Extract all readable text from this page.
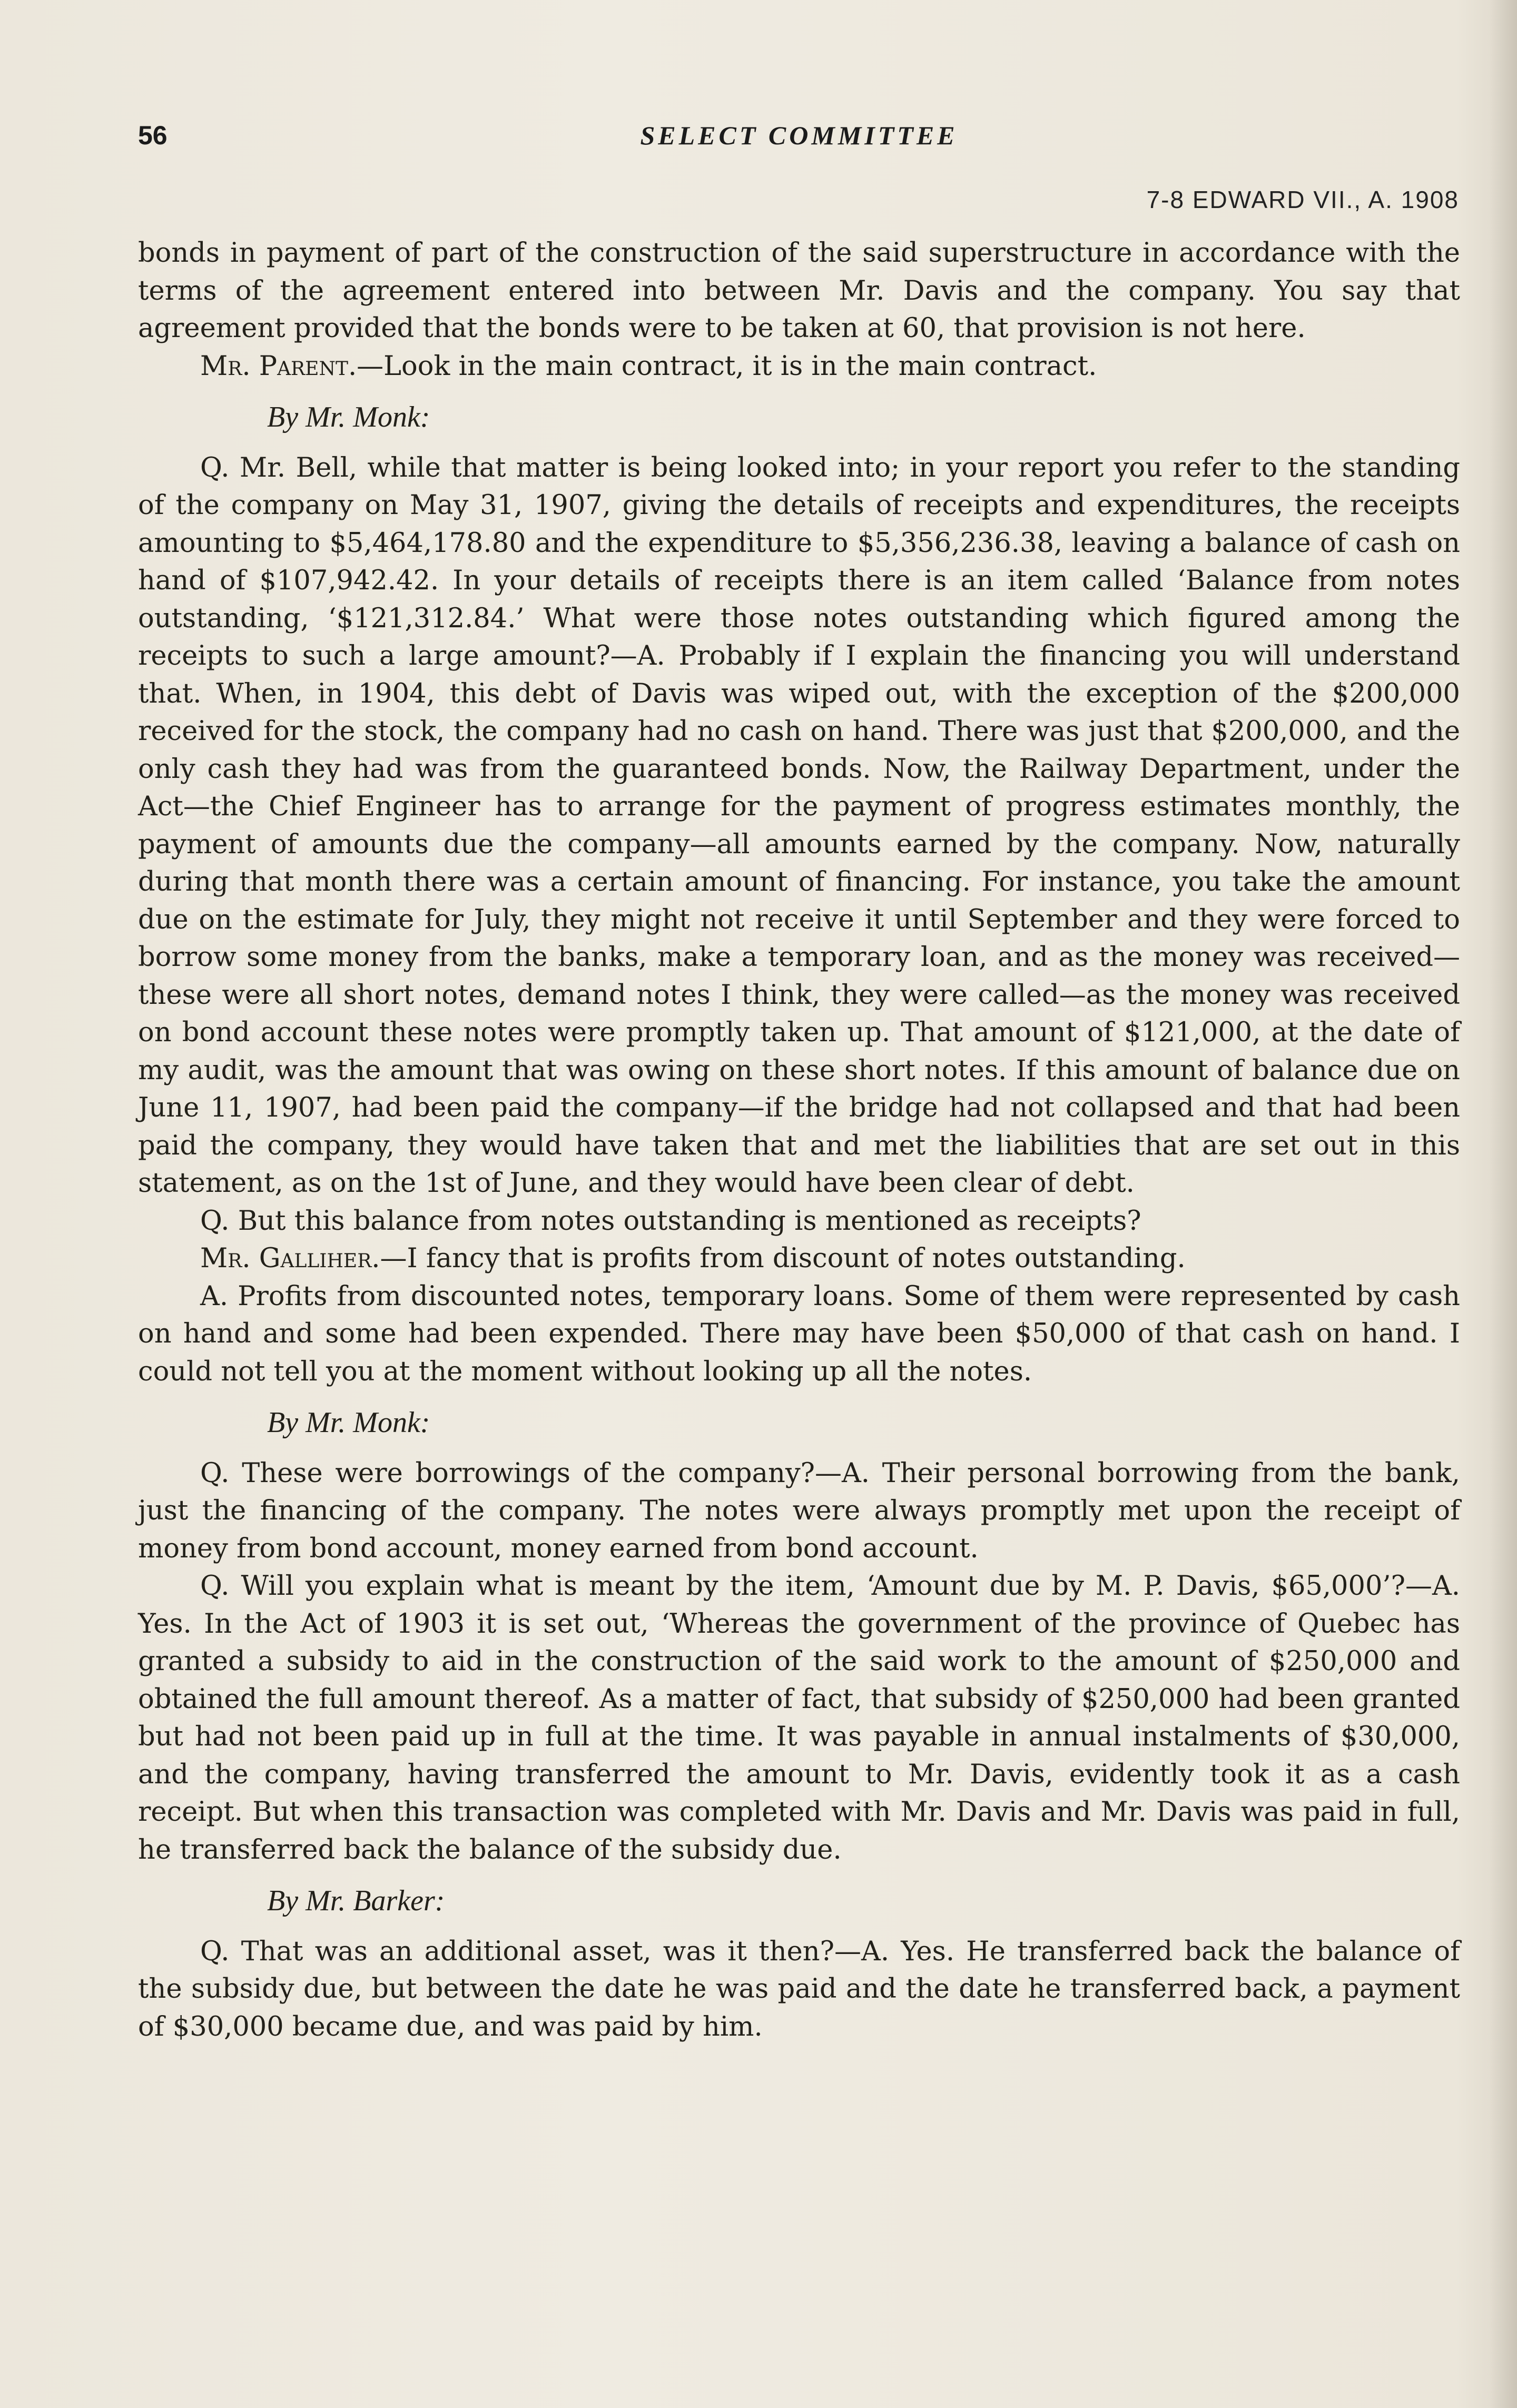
56	SELECT COMMITTEE
7-8 EDWARD VII., A. 1908

bonds in payment of part of the construction of the said superstructure in accordance with the terms of the agreement entered into between Mr. Davis and the company. You say that agreement provided that the bonds were to be taken at 60, that provision is not here.

Mr. Parent.—Look in the main contract, it is in the main contract.

By Mr. Monk:

Q. Mr. Bell, while that matter is being looked into; in your report you refer to the standing of the company on May 31, 1907, giving the details of receipts and expenditures, the receipts amounting to $5,464,178.80 and the expenditure to $5,356,236.38, leaving a balance of cash on hand of $107,942.42. In your details of receipts there is an item called ‘Balance from notes outstanding, ‘$121,312.84.’ What were those notes outstanding which figured among the receipts to such a large amount?—A. Probably if I explain the financing you will understand that. When, in 1904, this debt of Davis was wiped out, with the exception of the $200,000 received for the stock, the company had no cash on hand. There was just that $200,000, and the only cash they had was from the guaranteed bonds. Now, the Railway Department, under the Act—the Chief Engineer has to arrange for the payment of progress estimates monthly, the payment of amounts due the company—all amounts earned by the company. Now, naturally during that month there was a certain amount of financing. For instance, you take the amount due on the estimate for July, they might not receive it until September and they were forced to borrow some money from the banks, make a temporary loan, and as the money was received—these were all short notes, demand notes I think, they were called—as the money was received on bond account these notes were promptly taken up. That amount of $121,000, at the date of my audit, was the amount that was owing on these short notes. If this amount of balance due on June 11, 1907, had been paid the company—if the bridge had not collapsed and that had been paid the company, they would have taken that and met the liabilities that are set out in this statement, as on the 1st of June, and they would have been clear of debt.

Q. But this balance from notes outstanding is mentioned as receipts?

Mr. Galliher.—I fancy that is profits from discount of notes outstanding.

A. Profits from discounted notes, temporary loans. Some of them were represented by cash on hand and some had been expended. There may have been $50,000 of that cash on hand. I could not tell you at the moment without looking up all the notes.

By Mr. Monk:

Q. These were borrowings of the company?—A. Their personal borrowing from the bank, just the financing of the company. The notes were always promptly met upon the receipt of money from bond account, money earned from bond account.

Q. Will you explain what is meant by the item, ‘Amount due by M. P. Davis, $65,000’?—A. Yes. In the Act of 1903 it is set out, ‘Whereas the government of the province of Quebec has granted a subsidy to aid in the construction of the said work to the amount of $250,000 and obtained the full amount thereof. As a matter of fact, that subsidy of $250,000 had been granted but had not been paid up in full at the time. It was payable in annual instalments of $30,000, and the company, having transferred the amount to Mr. Davis, evidently took it as a cash receipt. But when this transaction was completed with Mr. Davis and Mr. Davis was paid in full, he transferred back the balance of the subsidy due.

By Mr. Barker:

Q. That was an additional asset, was it then?—A. Yes. He transferred back the balance of the subsidy due, but between the date he was paid and the date he transferred back, a payment of $30,000 became due, and was paid by him.
